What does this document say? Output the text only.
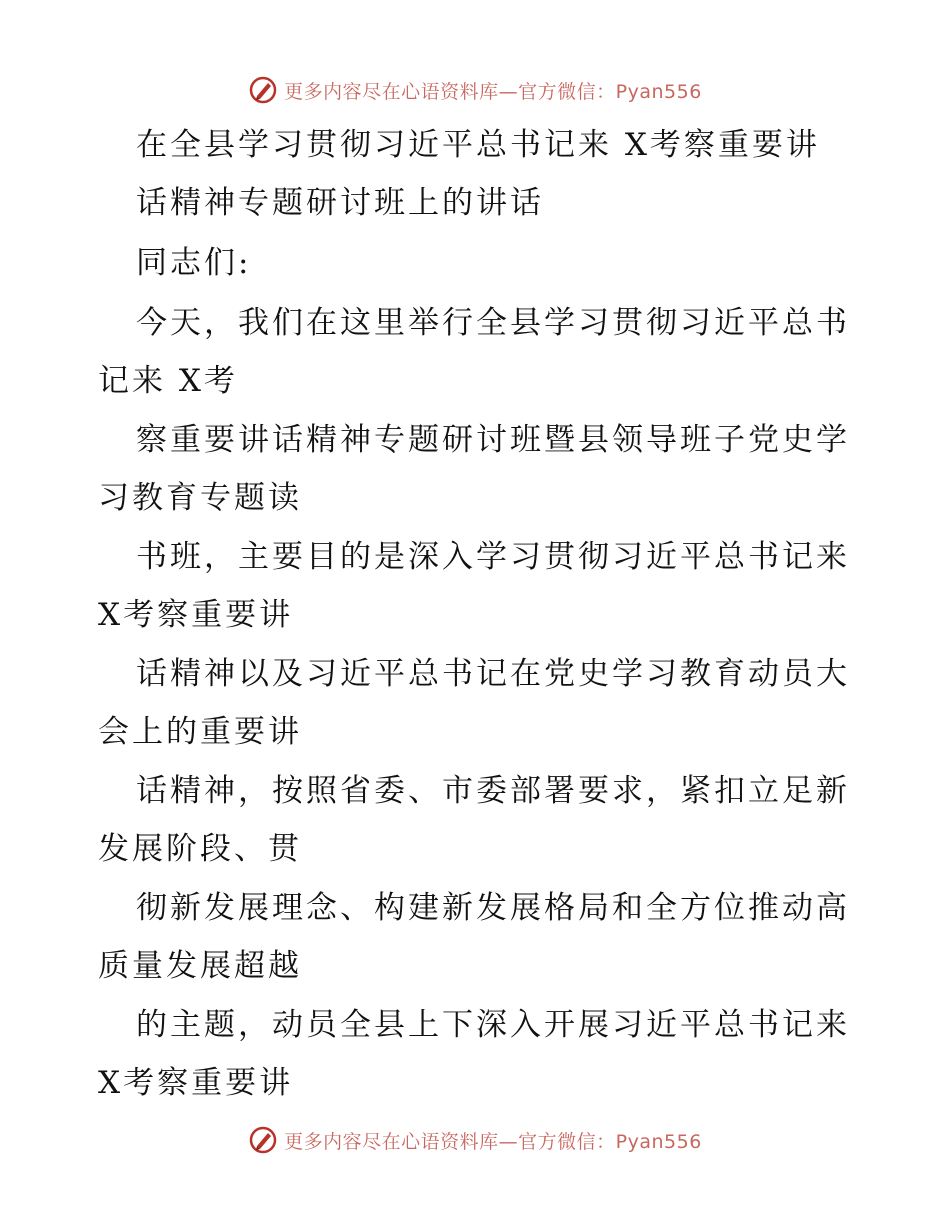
更多内容尽在心语资料库—官方微信：Pyan556
在全县学习贯彻习近平总书记来 X考察重要讲
话精神专题研讨班上的讲话
同志们:
今天，我们在这里举行全县学习贯彻习近平总书
记来 X考
察重要讲话精神专题研讨班暨县领导班子党史学
习教育专题读
书班，主要目的是深入学习贯彻习近平总书记来
X考察重要讲
话精神以及习近平总书记在党史学习教育动员大
会上的重要讲
话精神，按照省委、市委部署要求，紧扣立足新
发展阶段、贯
彻新发展理念、构建新发展格局和全方位推动高
质量发展超越
的主题，动员全县上下深入开展习近平总书记来
X考察重要讲
更多内容尽在心语资料库—官方微信：Pyan556
